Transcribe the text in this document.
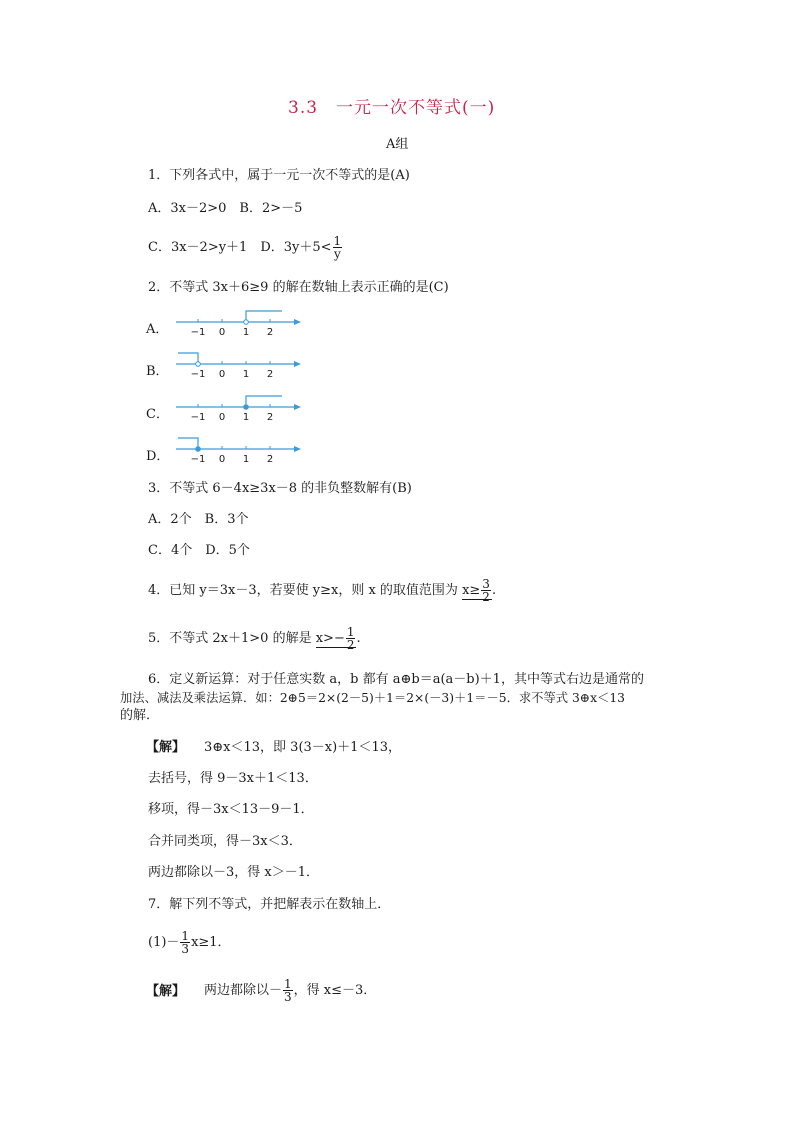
3.3　一元一次不等式(一)
A组
1．下列各式中，属于一元一次不等式的是(A)
A．3x－2>0　B．2>－5
C．3x－2>y＋1　D．$3y+5< \frac{1}{y}$
2．不等式 3x＋6≥9 的解在数轴上表示正确的是(C)
A． −1 0 1 2
B． −1 0 1 2
C． −1 0 1 2
D． −1 0 1 2
3．不等式 6－4x≥3x－8 的非负整数解有(B)
A．2个　B．3个
C．4个　D．5个
4．已知 y＝3x－3，若要使 y≥x，则 x 的取值范围为 $x\ge \frac{3}{2}$ .
5．不等式 2x＋1>0 的解是 $x>- \frac{1}{2}$ .
6．定义新运算：对于任意实数 a，b 都有 a⊕b＝a(a－b)＋1，其中等式右边是通常的
加法、减法及乘法运算．如：2⊕5＝2×(2－5)＋1＝2×(－3)＋1＝－5．求不等式 3⊕x＜13
的解．
【解】 3⊕x＜13，即 3(3－x)＋1＜13，
去括号，得 9－3x＋1＜13．
移项，得－3x＜13－9－1．
合并同类项，得－3x＜3．
两边都除以－3，得 x＞－1．
7．解下列不等式，并把解表示在数轴上．
$(1)- \frac{1}{3} x\ge 1$．
【解】 两边都除以－ $\frac{1}{3}$ ，得 x≤－3．
